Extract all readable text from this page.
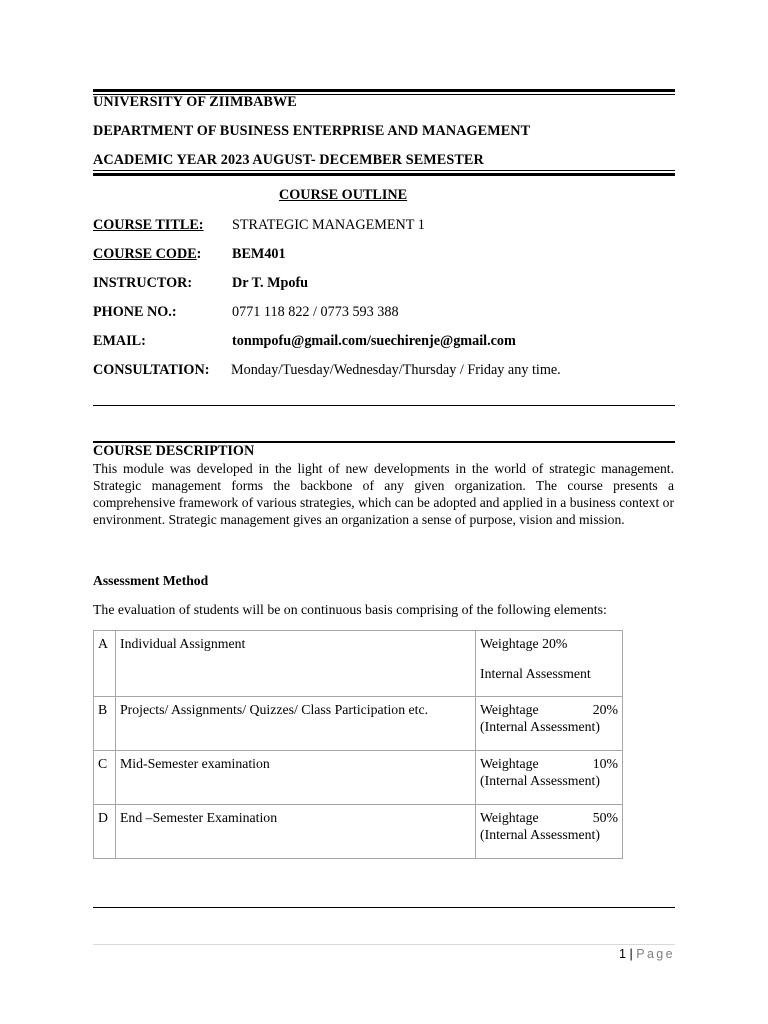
UNIVERSITY OF ZIIMBABWE
DEPARTMENT OF BUSINESS ENTERPRISE AND MANAGEMENT
ACADEMIC YEAR 2023 AUGUST- DECEMBER SEMESTER
COURSE OUTLINE
COURSE TITLE: STRATEGIC MANAGEMENT 1
COURSE CODE: BEM401
INSTRUCTOR:	Dr T. Mpofu
PHONE NO.:	0771 118 822 / 0773 593 388
EMAIL:	tonmpofu@gmail.com/suechirenje@gmail.com
CONSULTATION: Monday/Tuesday/Wednesday/Thursday / Friday any time.
COURSE DESCRIPTION
This module was developed in the light of new developments in the world of strategic management. Strategic management forms the backbone of any given organization. The course presents a comprehensive framework of various strategies, which can be adopted and applied in a business context or environment. Strategic management gives an organization a sense of purpose, vision and mission.
Assessment Method
The evaluation of students will be on continuous basis comprising of the following elements:
A	Individual Assignment	Weightage 20%
Internal Assessment

B	Projects/ Assignments/ Quizzes/ Class Participation etc.	Weightage 20%
(Internal Assessment)

C	Mid-Semester examination	Weightage 10%
(Internal Assessment)

D	End –Semester Examination	Weightage 50%
(Internal Assessment)
1 | Page
